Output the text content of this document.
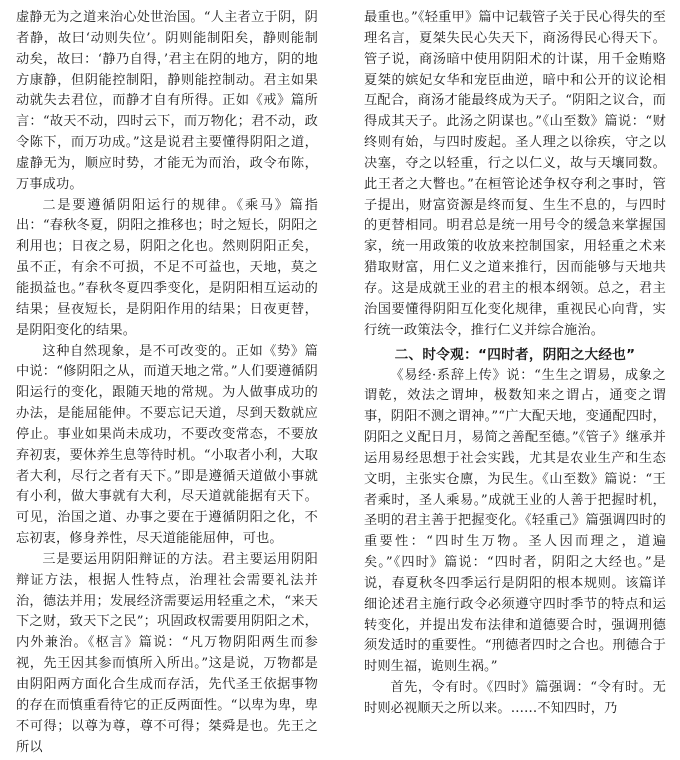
虚静无为之道来治心处世治国。“人主者立于阴，阴者静，故曰‘动则失位’。阴则能制阳矣，静则能制动矣，故曰：‘静乃自得，’君主在阴的地方，阴的地方康静，但阴能控制阳，静则能控制动。君主如果动就失去君位，而静才自有所得。正如《戒》篇所言：“故天不动，四时云下，而万物化；君不动，政令陈下，而万功成。”这是说君主要懂得阴阳之道，虚静无为，顺应时势，才能无为而治，政令布陈，万事成功。

二是要遵循阴阳运行的规律。《乘马》篇指出：“春秋冬夏，阴阳之推移也；时之短长，阴阳之利用也；日夜之易，阴阳之化也。然则阴阳正矣，虽不正，有余不可损，不足不可益也，天地，莫之能损益也。”春秋冬夏四季变化，是阴阳相互运动的结果；昼夜短长，是阴阳作用的结果；日夜更替，是阴阳变化的结果。

这种自然现象，是不可改变的。正如《势》篇中说：“修阴阳之从，而道天地之常。”人们要遵循阴阳运行的变化，跟随天地的常规。为人做事成功的办法，是能屈能伸。不要忘记天道，尽到天数就应停止。事业如果尚未成功，不要改变常态，不要放弃初衷，要休养生息等待时机。“小取者小利，大取者大利，尽行之者有天下。”即是遵循天道做小事就有小利，做大事就有大利，尽天道就能据有天下。可见，治国之道、办事之要在于遵循阴阳之化，不忘初衷，修身养性，尽天道能能屈伸，可也。

三是要运用阴阳辩证的方法。君主要运用阴阳辩证方法，根据人性特点，治理社会需要礼法并治，德法并用；发展经济需要运用轻重之术，“来天下之财，致天下之民”；巩固政权需要用阴阳之术，内外兼治。《枢言》篇说：“凡万物阴阳两生而参视，先王因其参而慎所入所出。”这是说，万物都是由阴阳两方面化合生成而存活，先代圣王依据事物的存在而慎重看待它的正反两面性。“以卑为卑，卑不可得；以尊为尊，尊不可得；桀舜是也。先王之所以

最重也。”《轻重甲》篇中记载管子关于民心得失的至理名言，夏桀失民心失天下，商汤得民心得天下。管子说，商汤暗中使用阴阳术的计谋，用千金贿赂夏桀的嫔妃女华和宠臣曲逆，暗中和公开的议论相互配合，商汤才能最终成为天子。“阴阳之议合，而得成其天子。此汤之阴谋也。”《山至数》篇说：“财终则有始，与四时废起。圣人理之以徐疾，守之以决塞，夺之以轻重，行之以仁义，故与天壤同数。此王者之大瞥也。”在桓管论述争权夺利之事时，管子提出，财富资源是终而复、生生不息的，与四时的更替相同。明君总是统一用号令的缓急来掌握国家，统一用政策的收放来控制国家，用轻重之术来猎取财富，用仁义之道来推行，因而能够与天地共存。这是成就王业的君主的根本纲领。总之，君主治国要懂得阴阳互化变化规律，重视民心向背，实行统一政策法令，推行仁义并综合施治。

二、时令观：“四时者，阴阳之大经也”

《易经·系辞上传》说：“生生之谓易，成象之谓乾，效法之谓坤，极数知来之谓占，通变之谓事，阴阳不测之谓神。”“广大配天地，变通配四时，阴阳之义配日月，易简之善配至德。”《管子》继承并运用易经思想于社会实践，尤其是农业生产和生态文明，主张实仓廪，为民生。《山至数》篇说：“王者乘时，圣人乘易。”成就王业的人善于把握时机，圣明的君主善于把握变化。《轻重己》篇强调四时的重要性：“四时生万物。圣人因而理之，道遍矣。”《四时》篇说：“四时者，阴阳之大经也。”是说，春夏秋冬四季运行是阴阳的根本规则。该篇详细论述君主施行政令必须遵守四时季节的特点和运转变化，并提出发布法律和道德要合时，强调刑德须发适时的重要性。“刑德者四时之合也。刑德合于时则生福，诡则生祸。”

首先，令有时。《四时》篇强调：“令有时。无时则必视顺天之所以来。……不知四时，乃
